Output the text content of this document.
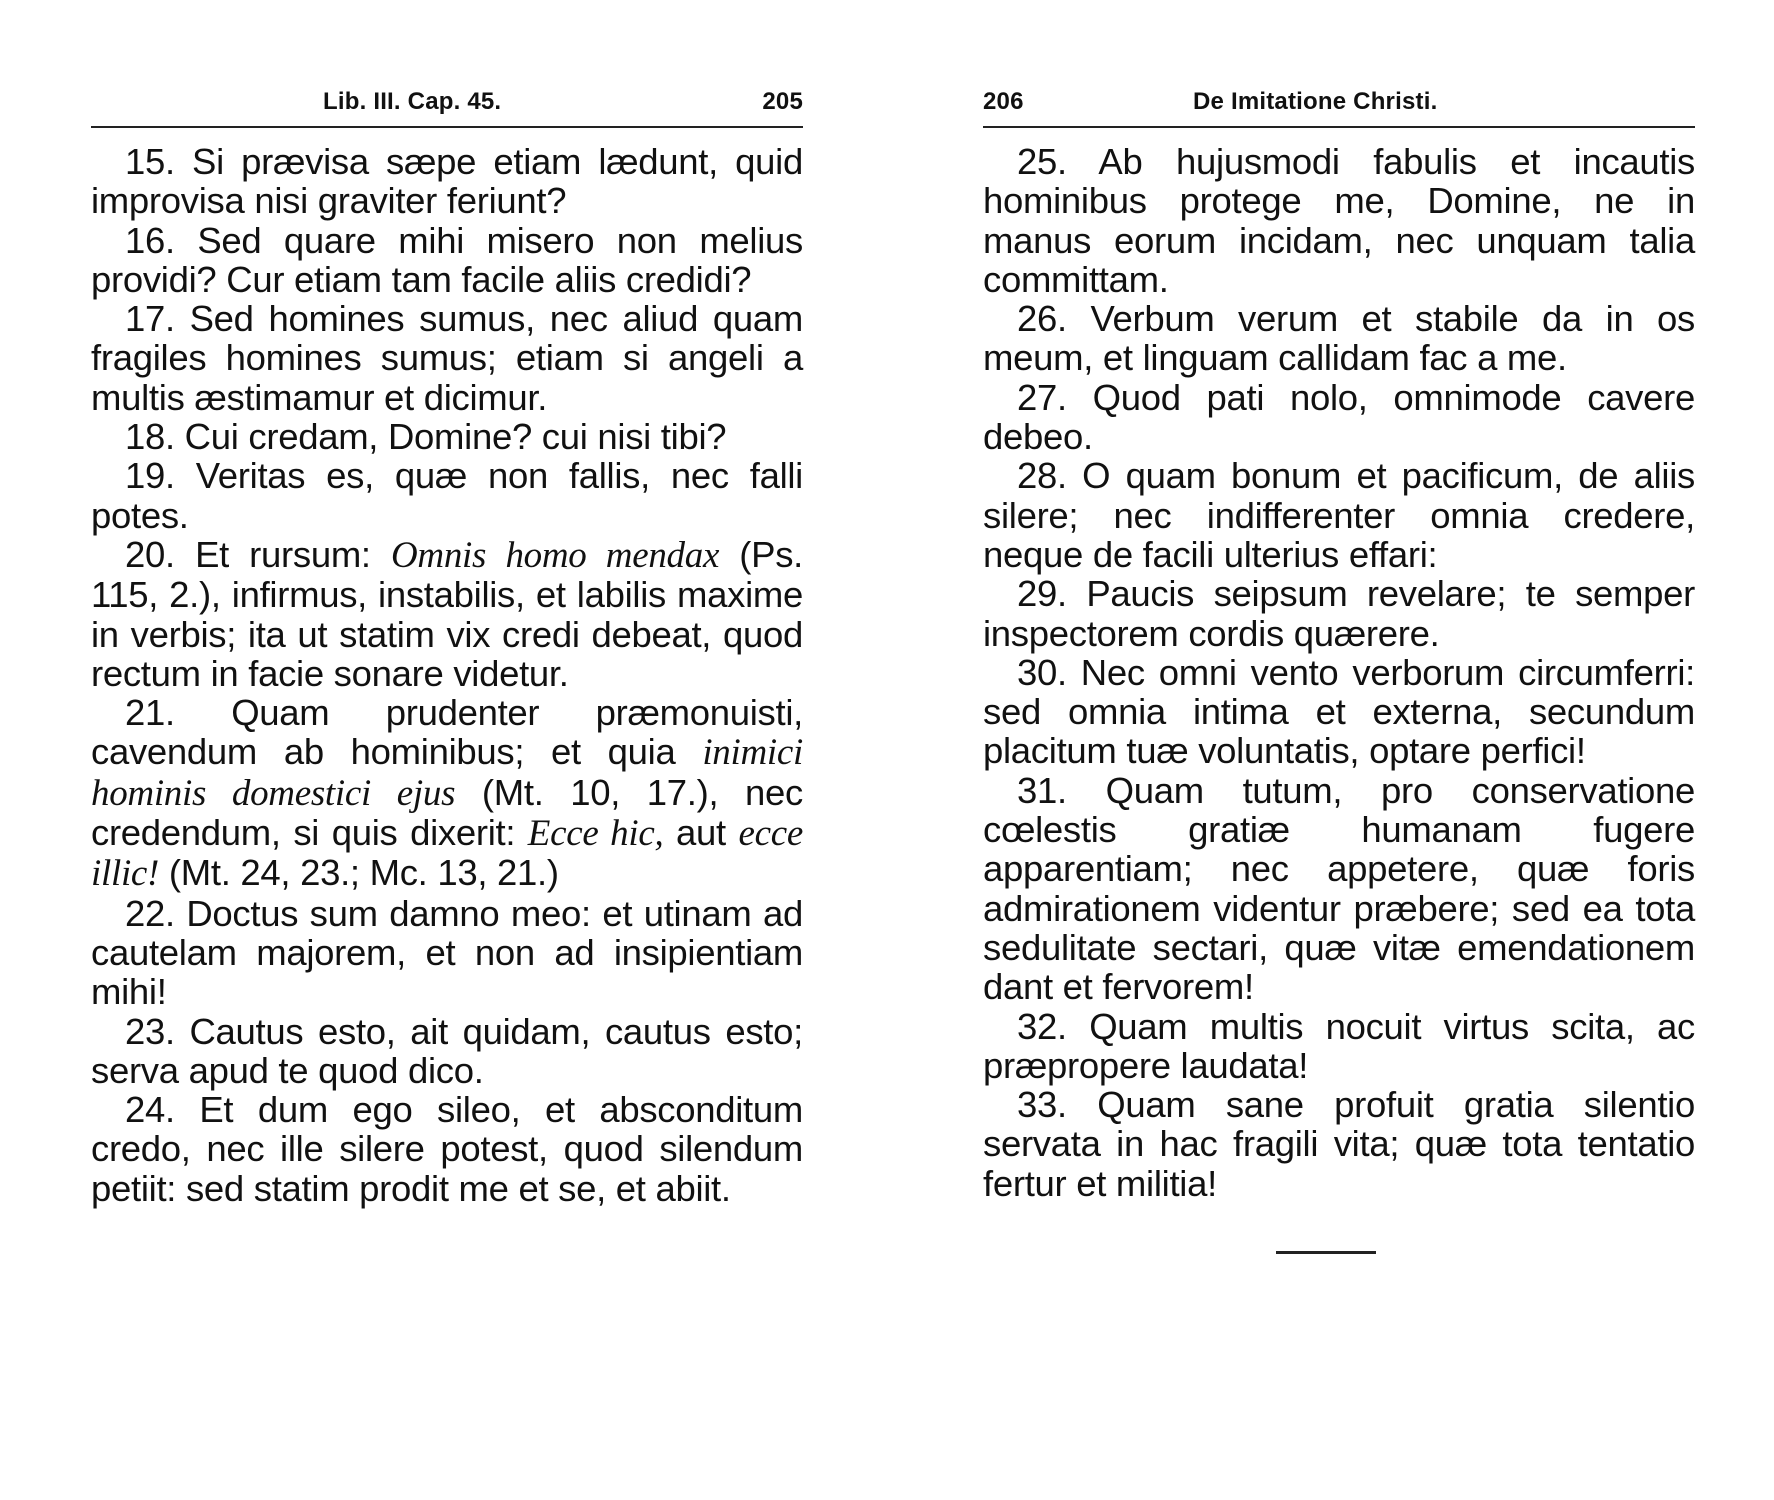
Lib. III. Cap. 45.	205

15. Si prævisa sæpe etiam lædunt, quid improvisa nisi graviter feriunt?

16. Sed quare mihi misero non melius providi? Cur etiam tam facile aliis credidi?

17. Sed homines sumus, nec aliud quam fragiles homines sumus; etiam si angeli a multis æstimamur et dicimur.

18. Cui credam, Domine? cui nisi tibi?

19. Veritas es, quæ non fallis, nec falli potes.

20. Et rursum: Omnis homo mendax (Ps. 115, 2.), infirmus, instabilis, et labilis maxime in verbis; ita ut statim vix credi debeat, quod rectum in facie sonare videtur.

21. Quam prudenter præmonuisti, cavendum ab hominibus; et quia inimici hominis domestici ejus (Mt. 10, 17.), nec credendum, si quis dixerit: Ecce hic, aut ecce illic! (Mt. 24, 23.; Mc. 13, 21.)

22. Doctus sum damno meo: et utinam ad cautelam majorem, et non ad insipientiam mihi!

23. Cautus esto, ait quidam, cautus esto; serva apud te quod dico.

24. Et dum ego sileo, et absconditum credo, nec ille silere potest, quod silendum petiit: sed statim prodit me et se, et abiit.

206	De Imitatione Christi.

25. Ab hujusmodi fabulis et incautis hominibus protege me, Domine, ne in manus eorum incidam, nec unquam talia committam.

26. Verbum verum et stabile da in os meum, et linguam callidam fac a me.

27. Quod pati nolo, omnimode cavere debeo.

28. O quam bonum et pacificum, de aliis silere; nec indifferenter omnia credere, neque de facili ulterius effari:

29. Paucis seipsum revelare; te semper inspectorem cordis quærere.

30. Nec omni vento verborum circumferri: sed omnia intima et externa, secundum placitum tuæ voluntatis, optare perfici!

31. Quam tutum, pro conservatione cœlestis gratiæ humanam fugere apparentiam; nec appetere, quæ foris admirationem videntur præbere; sed ea tota sedulitate sectari, quæ vitæ emendationem dant et fervorem!

32. Quam multis nocuit virtus scita, ac præpropere laudata!

33. Quam sane profuit gratia silentio servata in hac fragili vita; quæ tota tentatio fertur et militia!
